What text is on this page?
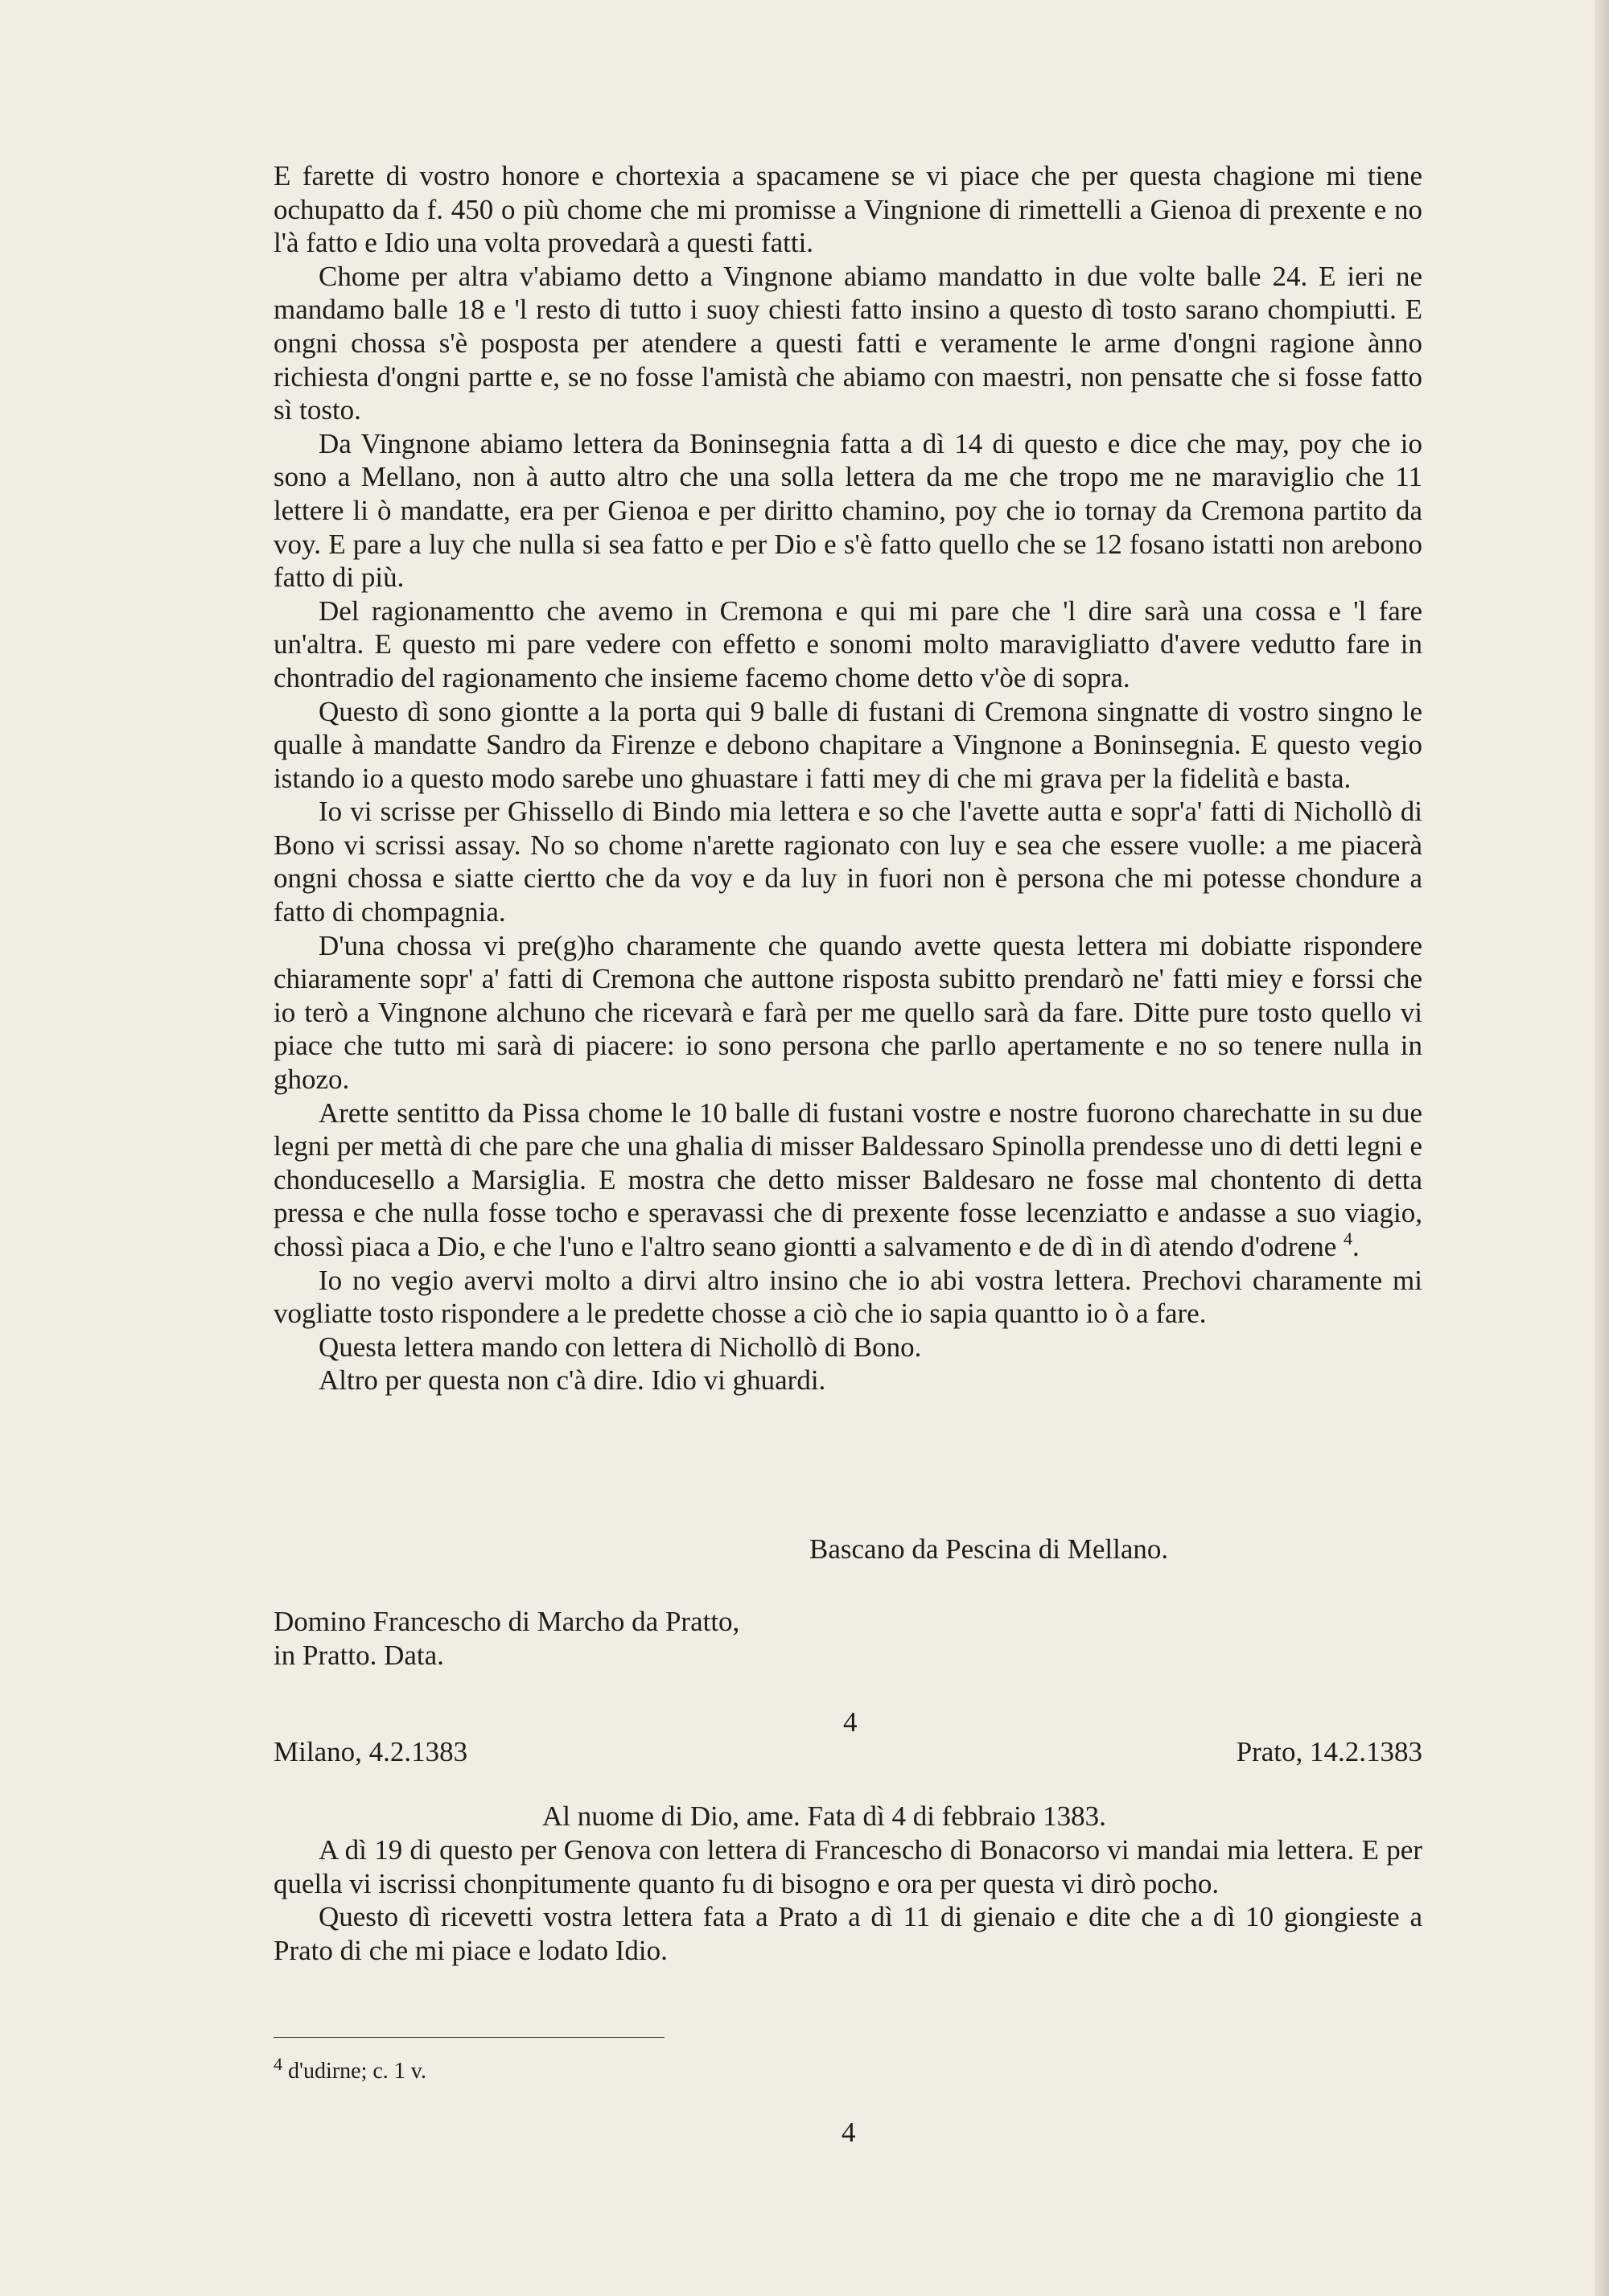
E farette di vostro honore e chortexia a spacamene se vi piace che per questa chagione mi tiene ochupatto da f. 450 o più chome che mi promisse a Vingnione di rimettelli a Gienoa di prexente e no l'à fatto e Idio una volta provedarà a questi fatti.

Chome per altra v'abiamo detto a Vingnone abiamo mandatto in due volte balle 24. E ieri ne mandamo balle 18 e 'l resto di tutto i suoy chiesti fatto insino a questo dì tosto sarano chompiutti. E ongni chossa s'è posposta per atendere a questi fatti e veramente le arme d'ongni ragione ànno richiesta d'ongni partte e, se no fosse l'amistà che abiamo con maestri, non pensatte che si fosse fatto sì tosto.

Da Vingnone abiamo lettera da Boninsegnia fatta a dì 14 di questo e dice che may, poy che io sono a Mellano, non à autto altro che una solla lettera da me che tropo me ne maraviglio che 11 lettere li ò mandatte, era per Gienoa e per diritto chamino, poy che io tornay da Cremona partito da voy. E pare a luy che nulla si sea fatto e per Dio e s'è fatto quello che se 12 fosano istatti non arebono fatto di più.

Del ragionamentto che avemo in Cremona e qui mi pare che 'l dire sarà una cossa e 'l fare un'altra. E questo mi pare vedere con effetto e sonomi molto maravigliatto d'avere vedutto fare in chontradio del ragionamento che insieme facemo chome detto v'òe di sopra.

Questo dì sono giontte a la porta qui 9 balle di fustani di Cremona singnatte di vostro singno le qualle à mandatte Sandro da Firenze e debono chapitare a Vingnone a Boninsegnia. E questo vegio istando io a questo modo sarebe uno ghuastare i fatti mey di che mi grava per la fidelità e basta.

Io vi scrisse per Ghissello di Bindo mia lettera e so che l'avette autta e sopr'a' fatti di Nichollò di Bono vi scrissi assay. No so chome n'arette ragionato con luy e sea che essere vuolle: a me piacerà ongni chossa e siatte ciertto che da voy e da luy in fuori non è persona che mi potesse chondure a fatto di chompagnia.

D'una chossa vi pre(g)ho charamente che quando avette questa lettera mi dobiatte rispondere chiaramente sopr' a' fatti di Cremona che auttone risposta subitto prendarò ne' fatti miey e forssi che io terò a Vingnone alchuno che ricevarà e farà per me quello sarà da fare. Ditte pure tosto quello vi piace che tutto mi sarà di piacere: io sono persona che parllo apertamente e no so tenere nulla in ghozo.

Arette sentitto da Pissa chome le 10 balle di fustani vostre e nostre fuorono charechatte in su due legni per mettà di che pare che una ghalia di misser Baldessaro Spinolla prendesse uno di detti legni e chonducesello a Marsiglia. E mostra che detto misser Baldesaro ne fosse mal chontento di detta pressa e che nulla fosse tocho e speravassi che di prexente fosse lecenziatto e andasse a suo viagio, chossì piaca a Dio, e che l'uno e l'altro seano giontti a salvamento e de dì in dì atendo d'odrene $^4$.

Io no vegio avervi molto a dirvi altro insino che io abi vostra lettera. Prechovi charamente mi vogliatte tosto rispondere a le predette chosse a ciò che io sapia quantto io ò a fare.

Questa lettera mando con lettera di Nichollò di Bono.

Altro per questa non c'à dire. Idio vi ghuardi.

Bascano da Pescina di Mellano.
Domino Francescho di Marcho da Pratto,
in Pratto. Data.
4
Milano, 4.2.1383	Prato, 14.2.1383
Al nuome di Dio, ame. Fata dì 4 di febbraio 1383.

A dì 19 di questo per Genova con lettera di Francescho di Bonacorso vi mandai mia lettera. E per quella vi iscrissi chonpitumente quanto fu di bisogno e ora per questa vi dirò pocho.

Questo dì ricevetti vostra lettera fata a Prato a dì 11 di gienaio e dite che a dì 10 giongieste a Prato di che mi piace e lodato Idio.

$^4$ d'udirne; c. 1 v.
4
